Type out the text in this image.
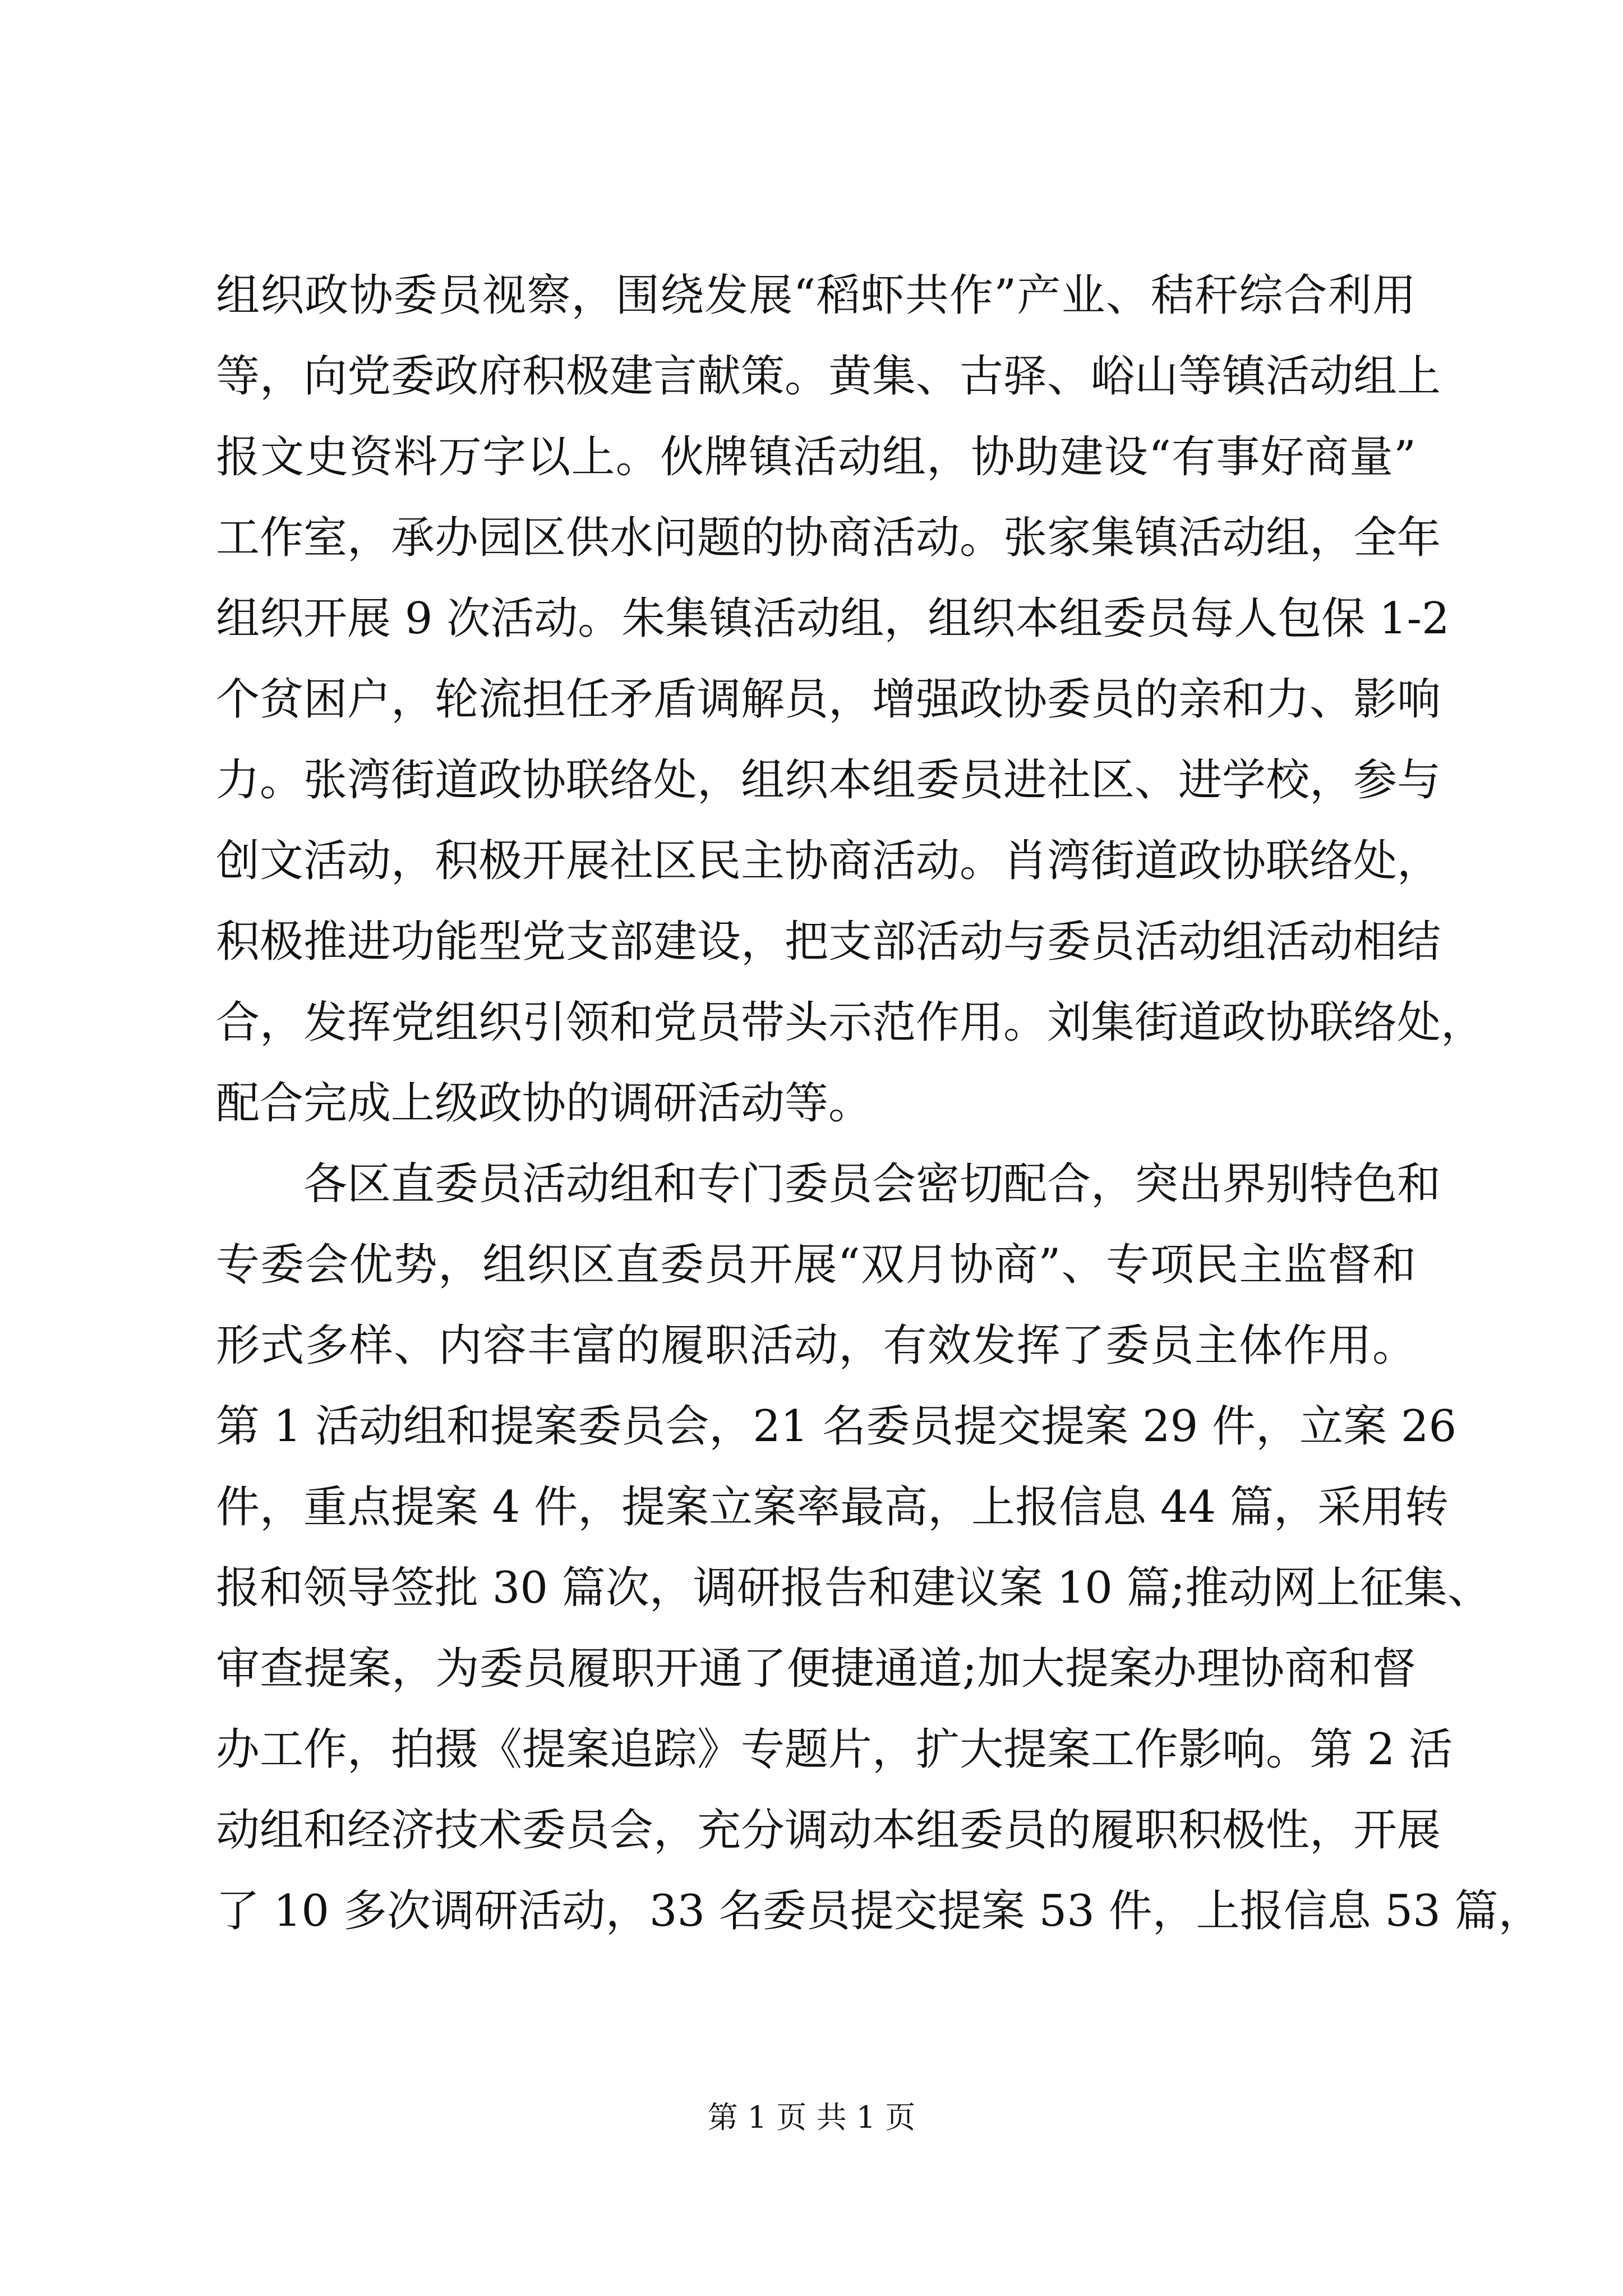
组织政协委员视察，围绕发展“稻虾共作”产业、秸秆综合利用
等，向党委政府积极建言献策。黄集、古驿、峪山等镇活动组上
报文史资料万字以上。伙牌镇活动组，协助建设“有事好商量”
工作室，承办园区供水问题的协商活动。张家集镇活动组，全年
组织开展 9 次活动。朱集镇活动组，组织本组委员每人包保 1-2
个贫困户，轮流担任矛盾调解员，增强政协委员的亲和力、影响
力。张湾街道政协联络处，组织本组委员进社区、进学校，参与
创文活动，积极开展社区民主协商活动。肖湾街道政协联络处，
积极推进功能型党支部建设，把支部活动与委员活动组活动相结
合，发挥党组织引领和党员带头示范作用。刘集街道政协联络处，
配合完成上级政协的调研活动等。
各区直委员活动组和专门委员会密切配合，突出界别特色和
专委会优势，组织区直委员开展“双月协商”、专项民主监督和
形式多样、内容丰富的履职活动，有效发挥了委员主体作用。
第 1 活动组和提案委员会，21 名委员提交提案 29 件，立案 26
件，重点提案 4 件，提案立案率最高，上报信息 44 篇，采用转
报和领导签批 30 篇次，调研报告和建议案 10 篇;推动网上征集、
审查提案，为委员履职开通了便捷通道;加大提案办理协商和督
办工作，拍摄《提案追踪》专题片，扩大提案工作影响。第 2 活
动组和经济技术委员会，充分调动本组委员的履职积极性，开展
了 10 多次调研活动，33 名委员提交提案 53 件，上报信息 53 篇，
第 1 页 共 1 页
